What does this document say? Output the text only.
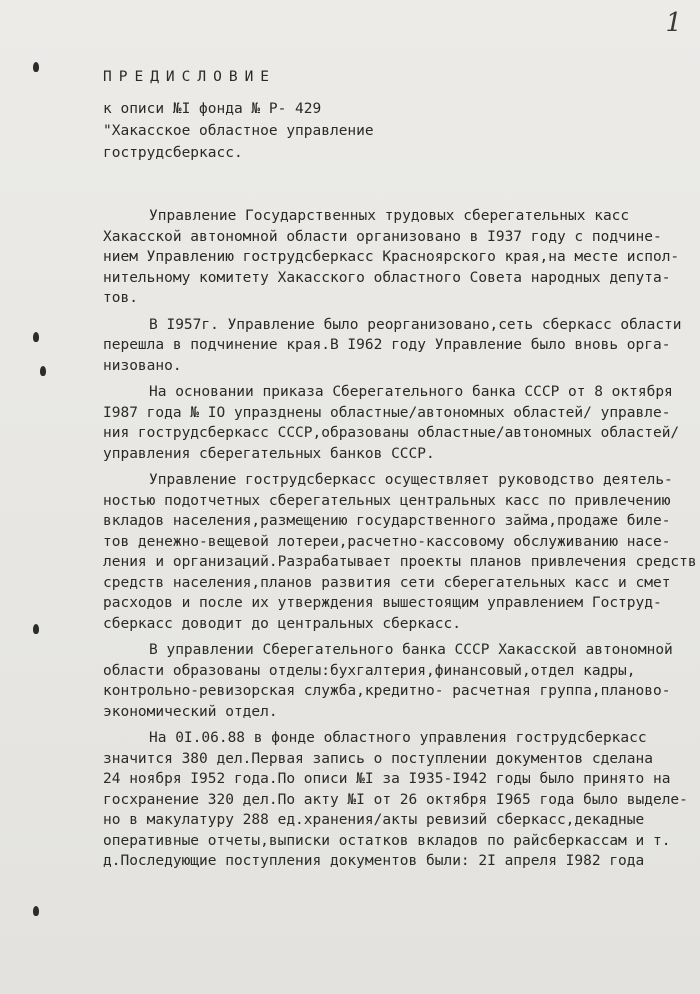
1
ПРЕДИСЛОВИЕ
к описи №I фонда № Р- 429
"Хакасское областное управление
гострудсберкасс.

Управление Государственных трудовых сберегательных касс
Хакасской автономной области организовано в I937 году с подчине-
нием Управлению гострудсберкасс Красноярского края,на месте испол-
нительному комитету Хакасского областного Совета народных депута-
тов.

В I957г. Управление было реорганизовано,сеть сберкасс области
перешла в подчинение края.В I962 году Управление было вновь орга-
низовано.

На основании приказа Сберегательного банка СССР от 8 октября
I987 года № IO упразднены областные/автономных областей/ управле-
ния гострудсберкасс СССР,образованы областные/автономных областей/
управления сберегательных банков СССР.

Управление гострудсберкасс осуществляет руководство деятель-
ностью подотчетных сберегательных центральных касс по привлечению
вкладов населения,размещению государственного займа,продаже биле-
тов денежно-вещевой лотереи,расчетно-кассовому обслуживанию насе-
ления и организаций.Разрабатывает проекты планов привлечения средств
средств населения,планов развития сети сберегательных касс и смет
расходов и после их утверждения вышестоящим управлением Гоструд-
сберкасс доводит до центральных сберкасс.

В управлении Сберегательного банка СССР Хакасской автономной
области образованы отделы:бухгалтерия,финансовый,отдел кадры,
контрольно-ревизорская служба,кредитно- расчетная группа,планово-
экономический отдел.

На 0I.06.88 в фонде областного управления гострудсберкасс
значится 380 дел.Первая запись о поступлении документов сделана
24 ноября I952 года.По описи №I за I935-I942 годы было принято на
госхранение 320 дел.По акту №I от 26 октября I965 года было выделе-
но в макулатуру 288 ед.хранения/акты ревизий сберкасс,декадные
оперативные отчеты,выписки остатков вкладов по райсберкассам и т.
д.Последующие поступления документов были: 2I апреля I982 года
